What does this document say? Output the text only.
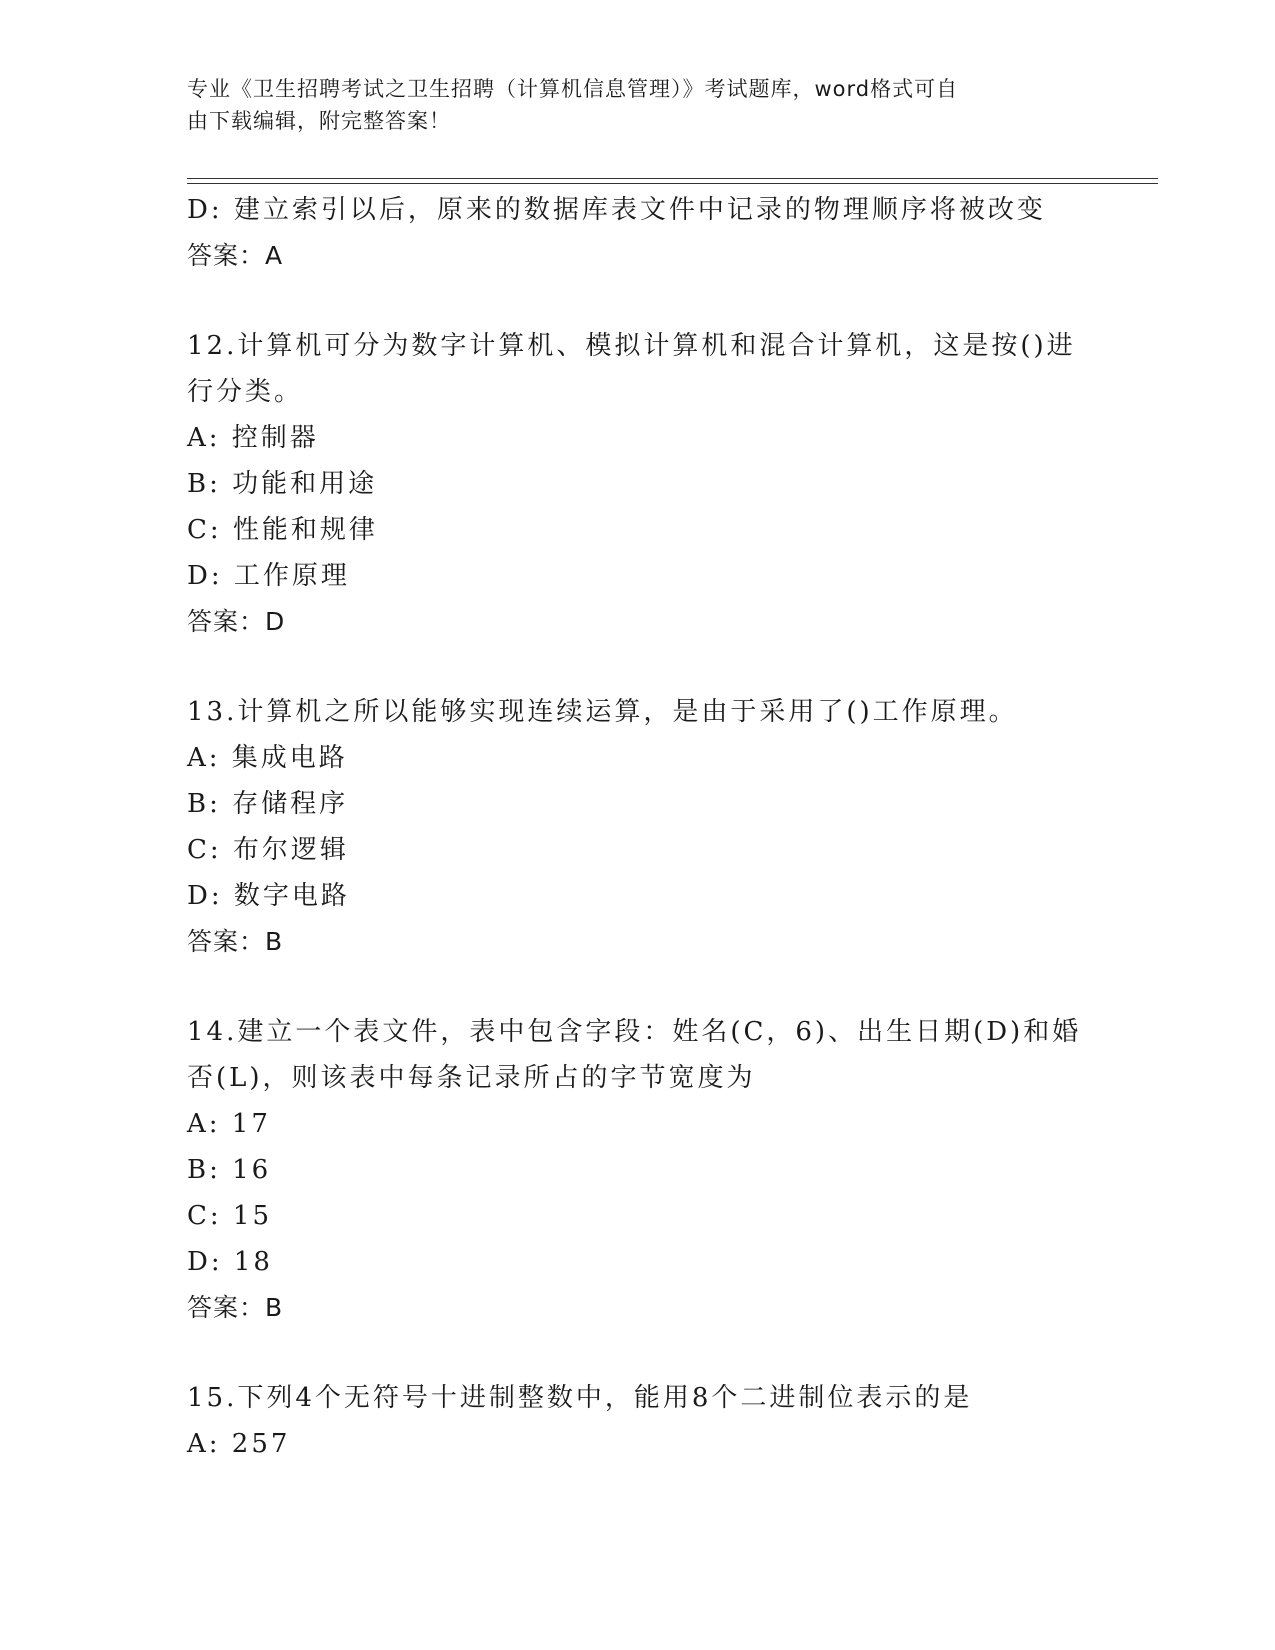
专业《卫生招聘考试之卫生招聘（计算机信息管理）》考试题库，word格式可自
由下载编辑，附完整答案！
D: 建立索引以后，原来的数据库表文件中记录的物理顺序将被改变
答案：A
12.计算机可分为数字计算机、模拟计算机和混合计算机，这是按()进
行分类。
A: 控制器
B: 功能和用途
C: 性能和规律
D: 工作原理
答案：D
13.计算机之所以能够实现连续运算，是由于采用了()工作原理。
A: 集成电路
B: 存储程序
C: 布尔逻辑
D: 数字电路
答案：B
14.建立一个表文件，表中包含字段：姓名(C，6)、出生日期(D)和婚
否(L)，则该表中每条记录所占的字节宽度为
A: 17
B: 16
C: 15
D: 18
答案：B
15.下列4个无符号十进制整数中，能用8个二进制位表示的是
A: 257
